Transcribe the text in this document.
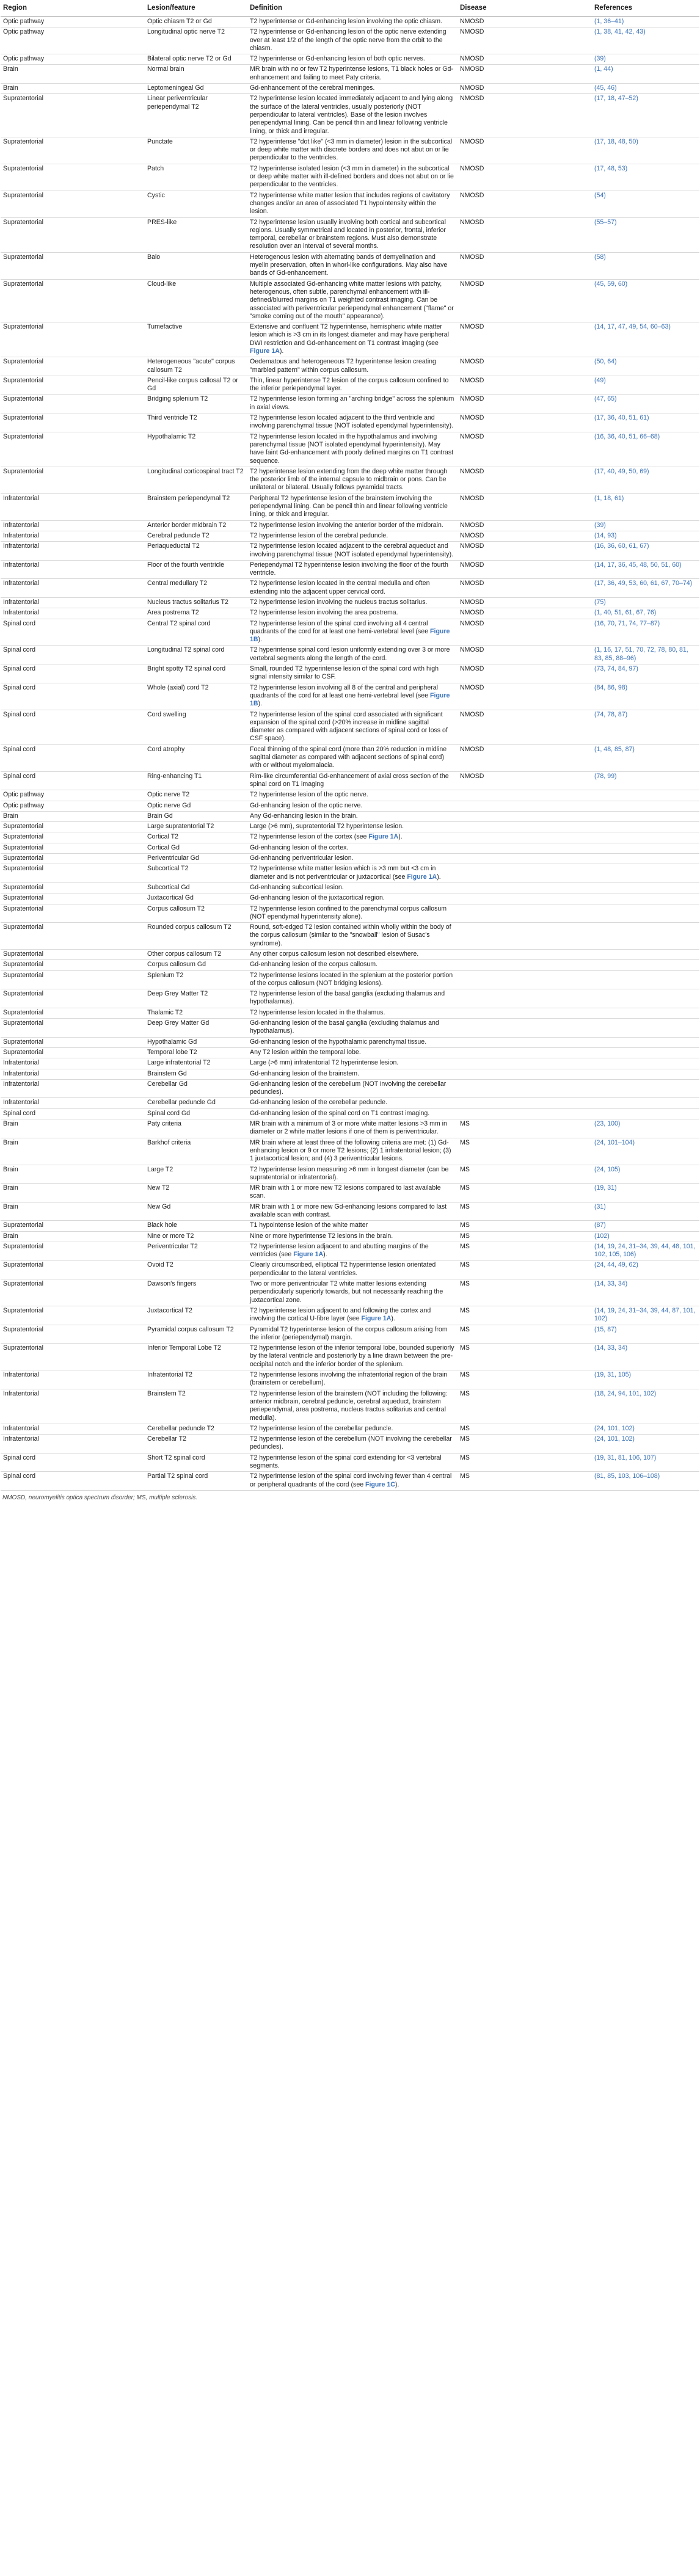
Region	Lesion/feature	Definition	Disease	References
Optic pathway	Optic chiasm T2 or Gd	T2 hyperintense or Gd-enhancing lesion involving the optic chiasm.	NMOSD	(1, 36–41)
Optic pathway	Longitudinal optic nerve T2	T2 hyperintense or Gd-enhancing lesion of the optic nerve extending over at least 1/2 of the length of the optic nerve from the orbit to the chiasm.	NMOSD	(1, 38, 41, 42, 43)
Optic pathway	Bilateral optic nerve T2 or Gd	T2 hyperintense or Gd-enhancing lesion of both optic nerves.	NMOSD	(39)
Brain	Normal brain	MR brain with no or few T2 hyperintense lesions, T1 black holes or Gd-enhancement and failing to meet Paty criteria.	NMOSD	(1, 44)
Brain	Leptomeningeal Gd	Gd-enhancement of the cerebral meninges.	NMOSD	(45, 46)
Supratentorial	Linear periventricular periependymal T2	T2 hyperintense lesion located immediately adjacent to and lying along the surface of the lateral ventricles, usually posteriorly (NOT perpendicular to lateral ventricles). Base of the lesion involves periependymal lining. Can be pencil thin and linear following ventricle lining, or thick and irregular.	NMOSD	(17, 18, 47–52)
Supratentorial	Punctate	T2 hyperintense "dot like" (<3 mm in diameter) lesion in the subcortical or deep white matter with discrete borders and does not abut on or lie perpendicular to the ventricles.	NMOSD	(17, 18, 48, 50)
Supratentorial	Patch	T2 hyperintense isolated lesion (<3 mm in diameter) in the subcortical or deep white matter with ill-defined borders and does not abut on or lie perpendicular to the ventricles.	NMOSD	(17, 48, 53)
Supratentorial	Cystic	T2 hyperintense white matter lesion that includes regions of cavitatory changes and/or an area of associated T1 hypointensity within the lesion.	NMOSD	(54)
Supratentorial	PRES-like	T2 hyperintense lesion usually involving both cortical and subcortical regions. Usually symmetrical and located in posterior, frontal, inferior temporal, cerebellar or brainstem regions. Must also demonstrate resolution over an interval of several months.	NMOSD	(55–57)
Supratentorial	Balo	Heterogenous lesion with alternating bands of demyelination and myelin preservation, often in whorl-like configurations. May also have bands of Gd-enhancement.	NMOSD	(58)
Supratentorial	Cloud-like	Multiple associated Gd-enhancing white matter lesions with patchy, heterogenous, often subtle, parenchymal enhancement with ill-defined/blurred margins on T1 weighted contrast imaging. Can be associated with periventricular periependymal enhancement ("flame" or "smoke coming out of the mouth" appearance).	NMOSD	(45, 59, 60)
Supratentorial	Tumefactive	Extensive and confluent T2 hyperintense, hemispheric white matter lesion which is >3 cm in its longest diameter and may have peripheral DWI restriction and Gd-enhancement on T1 contrast imaging (see Figure 1A).	NMOSD	(14, 17, 47, 49, 54, 60–63)
Supratentorial	Heterogeneous "acute" corpus callosum T2	Oedematous and heterogeneous T2 hyperintense lesion creating "marbled pattern" within corpus callosum.	NMOSD	(50, 64)
Supratentorial	Pencil-like corpus callosal T2 or Gd	Thin, linear hyperintense T2 lesion of the corpus callosum confined to the inferior periependymal layer.	NMOSD	(49)
Supratentorial	Bridging splenium T2	T2 hyperintense lesion forming an "arching bridge" across the splenium in axial views.	NMOSD	(47, 65)
Supratentorial	Third ventricle T2	T2 hyperintense lesion located adjacent to the third ventricle and involving parenchymal tissue (NOT isolated ependymal hyperintensity).	NMOSD	(17, 36, 40, 51, 61)
Supratentorial	Hypothalamic T2	T2 hyperintense lesion located in the hypothalamus and involving parenchymal tissue (NOT isolated ependymal hyperintensity). May have faint Gd-enhancement with poorly defined margins on T1 contrast sequence.	NMOSD	(16, 36, 40, 51, 66–68)
Supratentorial	Longitudinal corticospinal tract T2	T2 hyperintense lesion extending from the deep white matter through the posterior limb of the internal capsule to midbrain or pons. Can be unilateral or bilateral. Usually follows pyramidal tracts.	NMOSD	(17, 40, 49, 50, 69)
Infratentorial	Brainstem periependymal T2	Peripheral T2 hyperintense lesion of the brainstem involving the periependymal lining. Can be pencil thin and linear following ventricle lining, or thick and irregular.	NMOSD	(1, 18, 61)
Infratentorial	Anterior border midbrain T2	T2 hyperintense lesion involving the anterior border of the midbrain.	NMOSD	(39)
Infratentorial	Cerebral peduncle T2	T2 hyperintense lesion of the cerebral peduncle.	NMOSD	(14, 93)
Infratentorial	Periaqueductal T2	T2 hyperintense lesion located adjacent to the cerebral aqueduct and involving parenchymal tissue (NOT isolated ependymal hyperintensity).	NMOSD	(16, 36, 60, 61, 67)
Infratentorial	Floor of the fourth ventricle	Periependymal T2 hyperintense lesion involving the floor of the fourth ventricle.	NMOSD	(14, 17, 36, 45, 48, 50, 51, 60)
Infratentorial	Central medullary T2	T2 hyperintense lesion located in the central medulla and often extending into the adjacent upper cervical cord.	NMOSD	(17, 36, 49, 53, 60, 61, 67, 70–74)
Infratentorial	Nucleus tractus solitarius T2	T2 hyperintense lesion involving the nucleus tractus solitarius.	NMOSD	(75)
Infratentorial	Area postrema T2	T2 hyperintense lesion involving the area postrema.	NMOSD	(1, 40, 51, 61, 67, 76)
Spinal cord	Central T2 spinal cord	T2 hyperintense lesion of the spinal cord involving all 4 central quadrants of the cord for at least one hemi-vertebral level (see Figure 1B).	NMOSD	(16, 70, 71, 74, 77–87)
Spinal cord	Longitudinal T2 spinal cord	T2 hyperintense spinal cord lesion uniformly extending over 3 or more vertebral segments along the length of the cord.	NMOSD	(1, 16, 17, 51, 70, 72, 78, 80, 81, 83, 85, 88–96)
Spinal cord	Bright spotty T2 spinal cord	Small, rounded T2 hyperintense lesion of the spinal cord with high signal intensity similar to CSF.	NMOSD	(73, 74, 84, 97)
Spinal cord	Whole (axial) cord T2	T2 hyperintense lesion involving all 8 of the central and peripheral quadrants of the cord for at least one hemi-vertebral level (see Figure 1B).	NMOSD	(84, 86, 98)
Spinal cord	Cord swelling	T2 hyperintense lesion of the spinal cord associated with significant expansion of the spinal cord (>20% increase in midline sagittal diameter as compared with adjacent sections of spinal cord or loss of CSF space).	NMOSD	(74, 78, 87)
Spinal cord	Cord atrophy	Focal thinning of the spinal cord (more than 20% reduction in midline sagittal diameter as compared with adjacent sections of spinal cord) with or without myelomalacia.	NMOSD	(1, 48, 85, 87)
Spinal cord	Ring-enhancing T1	Rim-like circumferential Gd-enhancement of axial cross section of the spinal cord on T1 imaging	NMOSD	(78, 99)
Optic pathway	Optic nerve T2	T2 hyperintense lesion of the optic nerve.		
Optic pathway	Optic nerve Gd	Gd-enhancing lesion of the optic nerve.		
Brain	Brain Gd	Any Gd-enhancing lesion in the brain.		
Supratentorial	Large supratentorial T2	Large (>6 mm), supratentorial T2 hyperintense lesion.		
Supratentorial	Cortical T2	T2 hyperintense lesion of the cortex (see Figure 1A).		
Supratentorial	Cortical Gd	Gd-enhancing lesion of the cortex.		
Supratentorial	Periventricular Gd	Gd-enhancing periventricular lesion.		
Supratentorial	Subcortical T2	T2 hyperintense white matter lesion which is >3 mm but <3 cm in diameter and is not periventricular or juxtacortical (see Figure 1A).		
Supratentorial	Subcortical Gd	Gd-enhancing subcortical lesion.		
Supratentorial	Juxtacortical Gd	Gd-enhancing lesion of the juxtacortical region.		
Supratentorial	Corpus callosum T2	T2 hyperintense lesion confined to the parenchymal corpus callosum (NOT ependymal hyperintensity alone).		
Supratentorial	Rounded corpus callosum T2	Round, soft-edged T2 lesion contained within wholly within the body of the corpus callosum (similar to the "snowball" lesion of Susac's syndrome).		
Supratentorial	Other corpus callosum T2	Any other corpus callosum lesion not described elsewhere.		
Supratentorial	Corpus callosum Gd	Gd-enhancing lesion of the corpus callosum.		
Supratentorial	Splenium T2	T2 hyperintense lesions located in the splenium at the posterior portion of the corpus callosum (NOT bridging lesions).		
Supratentorial	Deep Grey Matter T2	T2 hyperintense lesion of the basal ganglia (excluding thalamus and hypothalamus).		
Supratentorial	Thalamic T2	T2 hyperintense lesion located in the thalamus.		
Supratentorial	Deep Grey Matter Gd	Gd-enhancing lesion of the basal ganglia (excluding thalamus and hypothalamus).		
Supratentorial	Hypothalamic Gd	Gd-enhancing lesion of the hypothalamic parenchymal tissue.		
Supratentorial	Temporal lobe T2	Any T2 lesion within the temporal lobe.		
Infratentorial	Large infratentorial T2	Large (>6 mm) infratentorial T2 hyperintense lesion.		
Infratentorial	Brainstem Gd	Gd-enhancing lesion of the brainstem.		
Infratentorial	Cerebellar Gd	Gd-enhancing lesion of the cerebellum (NOT involving the cerebellar peduncles).		
Infratentorial	Cerebellar peduncle Gd	Gd-enhancing lesion of the cerebellar peduncle.		
Spinal cord	Spinal cord Gd	Gd-enhancing lesion of the spinal cord on T1 contrast imaging.		
Brain	Paty criteria	MR brain with a minimum of 3 or more white matter lesions >3 mm in diameter or 2 white matter lesions if one of them is periventricular.	MS	(23, 100)
Brain	Barkhof criteria	MR brain where at least three of the following criteria are met: (1) Gd-enhancing lesion or 9 or more T2 lesions; (2) 1 infratentorial lesion; (3) 1 juxtacortical lesion; and (4) 3 periventricular lesions.	MS	(24, 101–104)
Brain	Large T2	T2 hyperintense lesion measuring >6 mm in longest diameter (can be supratentorial or infratentorial).	MS	(24, 105)
Brain	New T2	MR brain with 1 or more new T2 lesions compared to last available scan.	MS	(19, 31)
Brain	New Gd	MR brain with 1 or more new Gd-enhancing lesions compared to last available scan with contrast.	MS	(31)
Supratentorial	Black hole	T1 hypointense lesion of the white matter	MS	(87)
Brain	Nine or more T2	Nine or more hyperintense T2 lesions in the brain.	MS	(102)
Supratentorial	Periventricular T2	T2 hyperintense lesion adjacent to and abutting margins of the ventricles (see Figure 1A).	MS	(14, 19, 24, 31–34, 39, 44, 48, 101, 102, 105, 106)
Supratentorial	Ovoid T2	Clearly circumscribed, elliptical T2 hyperintense lesion orientated perpendicular to the lateral ventricles.	MS	(24, 44, 49, 62)
Supratentorial	Dawson's fingers	Two or more periventricular T2 white matter lesions extending perpendicularly superiorly towards, but not necessarily reaching the juxtacortical zone.	MS	(14, 33, 34)
Supratentorial	Juxtacortical T2	T2 hyperintense lesion adjacent to and following the cortex and involving the cortical U-fibre layer (see Figure 1A).	MS	(14, 19, 24, 31–34, 39, 44, 87, 101, 102)
Supratentorial	Pyramidal corpus callosum T2	Pyramidal T2 hyperintense lesion of the corpus callosum arising from the inferior (periependymal) margin.	MS	(15, 87)
Supratentorial	Inferior Temporal Lobe T2	T2 hyperintense lesion of the inferior temporal lobe, bounded superiorly by the lateral ventricle and posteriorly by a line drawn between the pre-occipital notch and the inferior border of the splenium.	MS	(14, 33, 34)
Infratentorial	Infratentorial T2	T2 hyperintense lesions involving the infratentorial region of the brain (brainstem or cerebellum).	MS	(19, 31, 105)
Infratentorial	Brainstem T2	T2 hyperintense lesion of the brainstem (NOT including the following: anterior midbrain, cerebral peduncle, cerebral aqueduct, brainstem periependymal, area postrema, nucleus tractus solitarius and central medulla).	MS	(18, 24, 94, 101, 102)
Infratentorial	Cerebellar peduncle T2	T2 hyperintense lesion of the cerebellar peduncle.	MS	(24, 101, 102)
Infratentorial	Cerebellar T2	T2 hyperintense lesion of the cerebellum (NOT involving the cerebellar peduncles).	MS	(24, 101, 102)
Spinal cord	Short T2 spinal cord	T2 hyperintense lesion of the spinal cord extending for <3 vertebral segments.	MS	(19, 31, 81, 106, 107)
Spinal cord	Partial T2 spinal cord	T2 hyperintense lesion of the spinal cord involving fewer than 4 central or peripheral quadrants of the cord (see Figure 1C).	MS	(81, 85, 103, 106–108)
NMOSD, neuromyelitis optica spectrum disorder; MS, multiple sclerosis.
